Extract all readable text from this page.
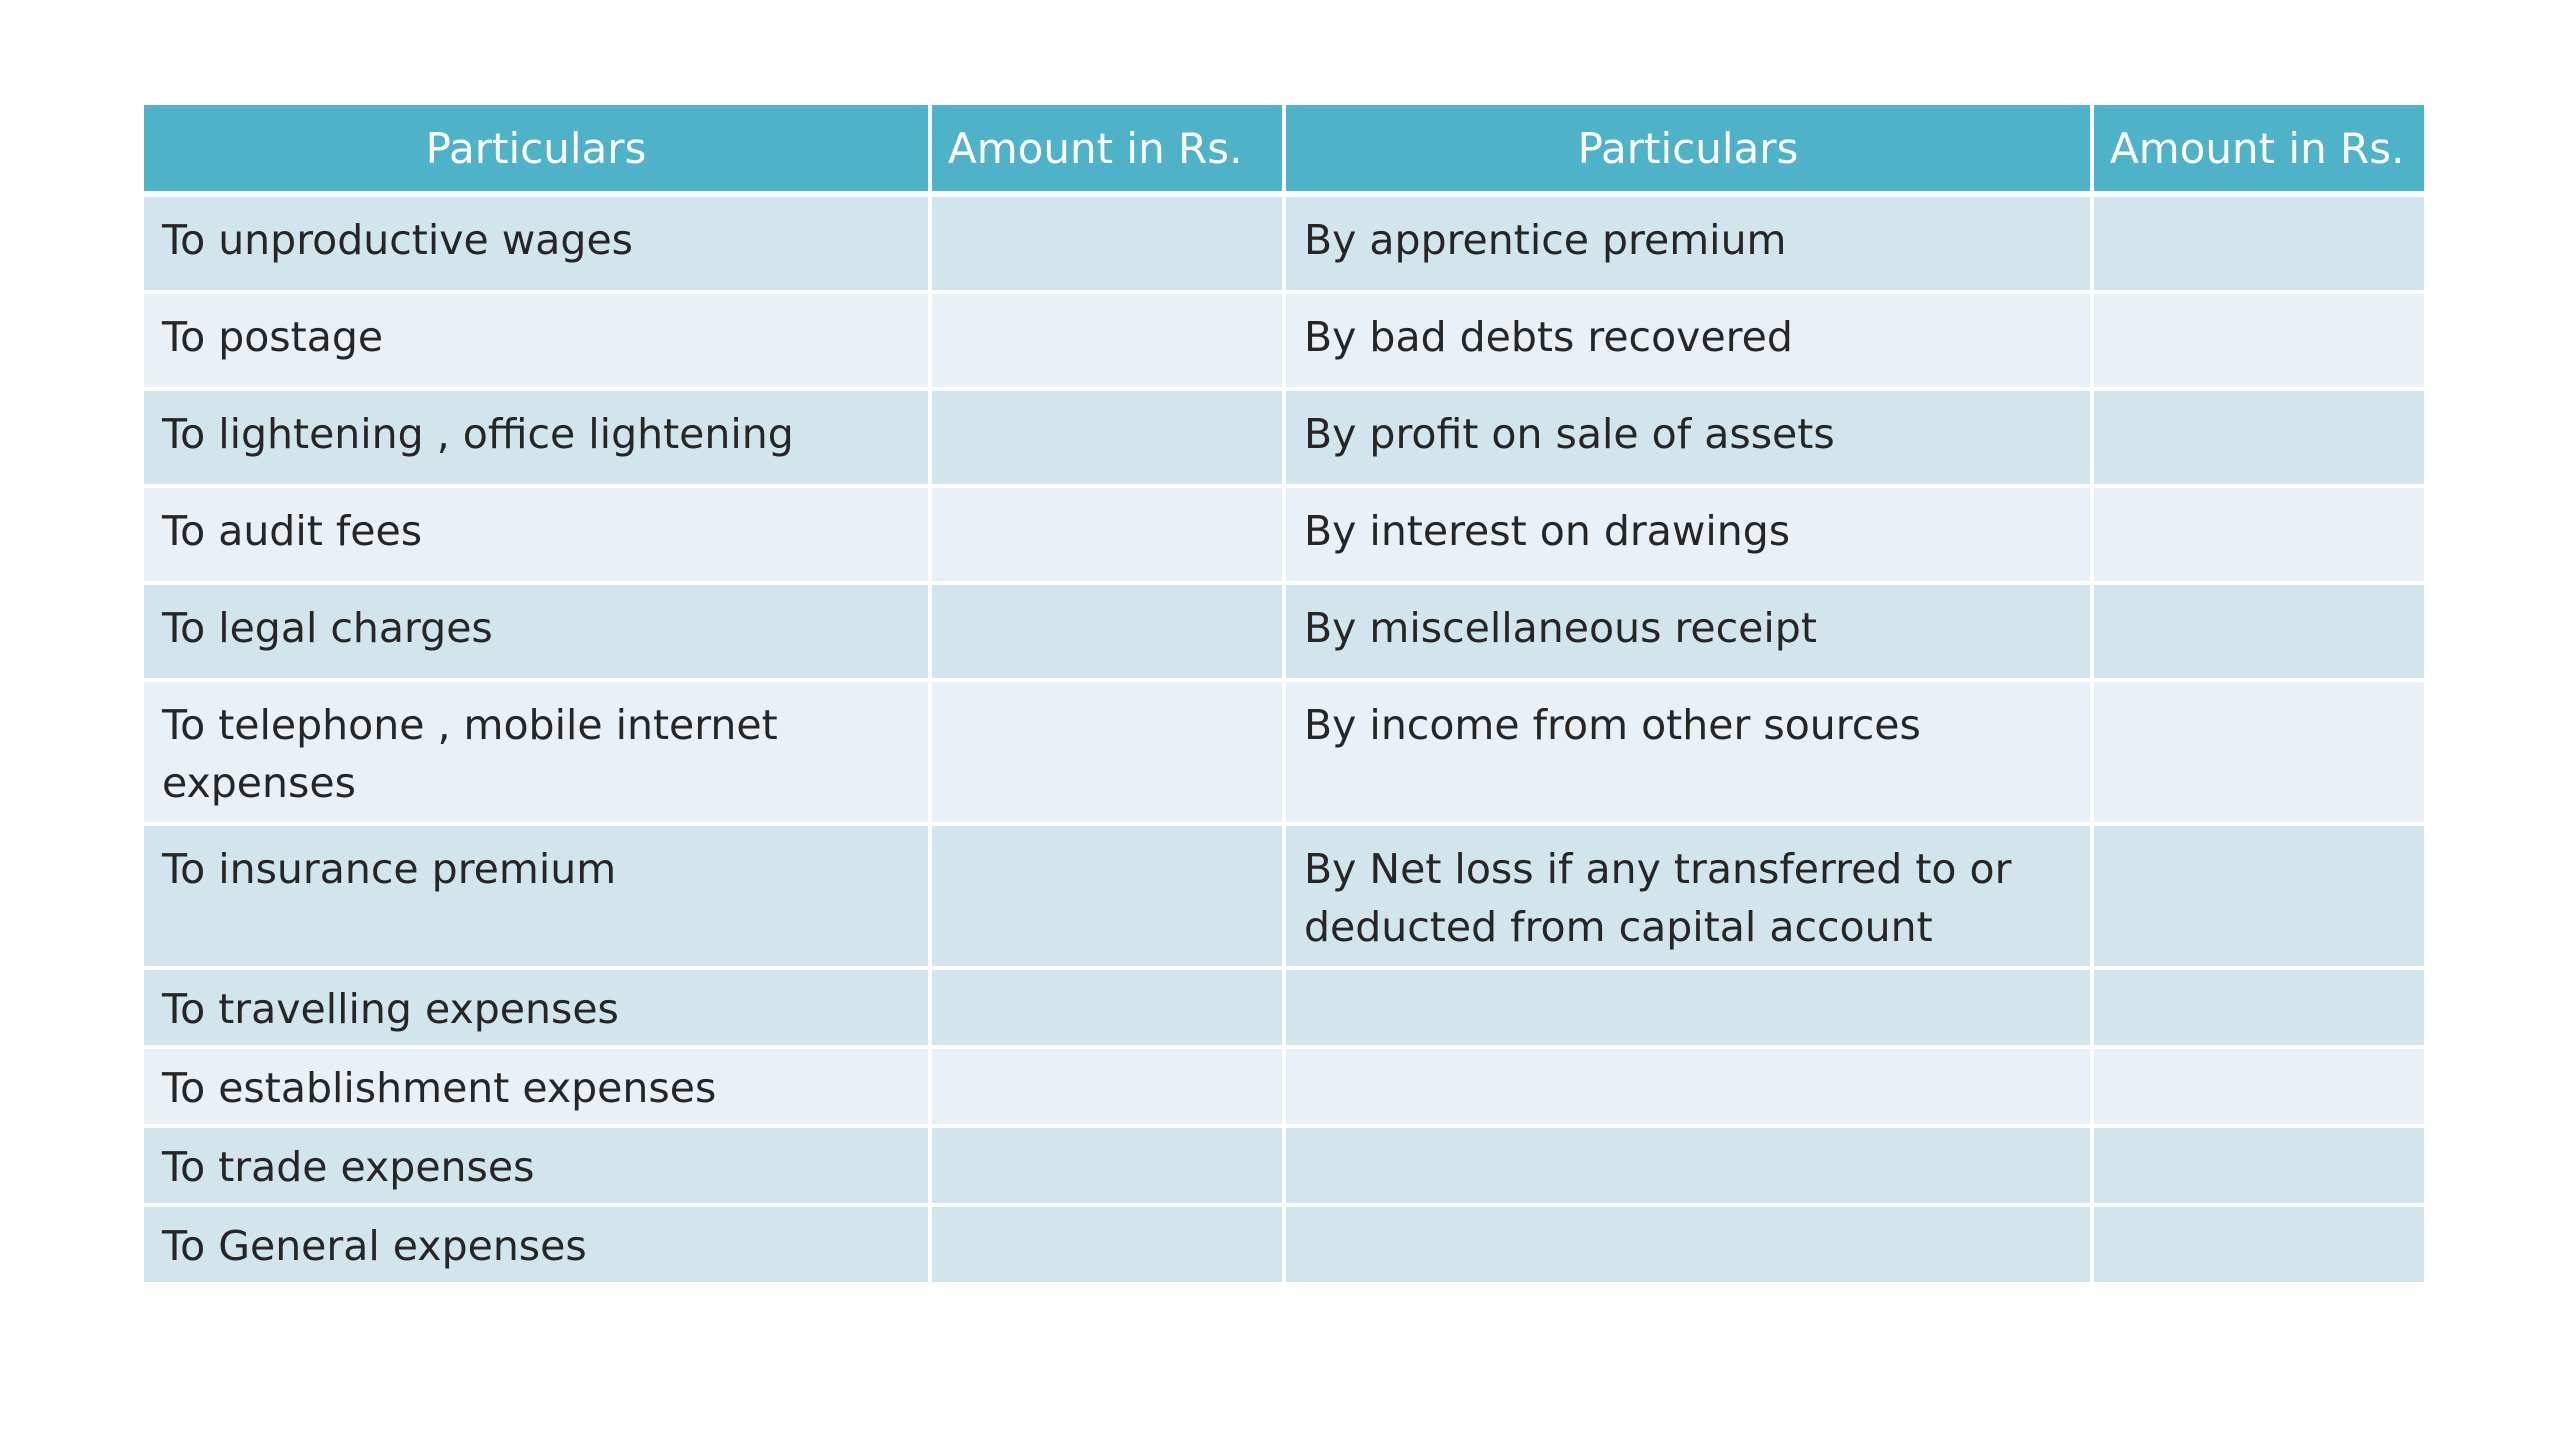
Particulars	Amount in Rs.	Particulars	Amount in Rs.
To unproductive wages		By apprentice premium	
To postage		By bad debts recovered	
To lightening , office lightening		By profit on sale of assets	
To audit fees		By interest on drawings	
To legal charges		By miscellaneous receipt	
To telephone , mobile internet expenses		By income from other sources	
To insurance premium		By Net loss if any transferred to or deducted from capital account	
To travelling expenses			
To establishment expenses			
To trade expenses			
To General expenses			
